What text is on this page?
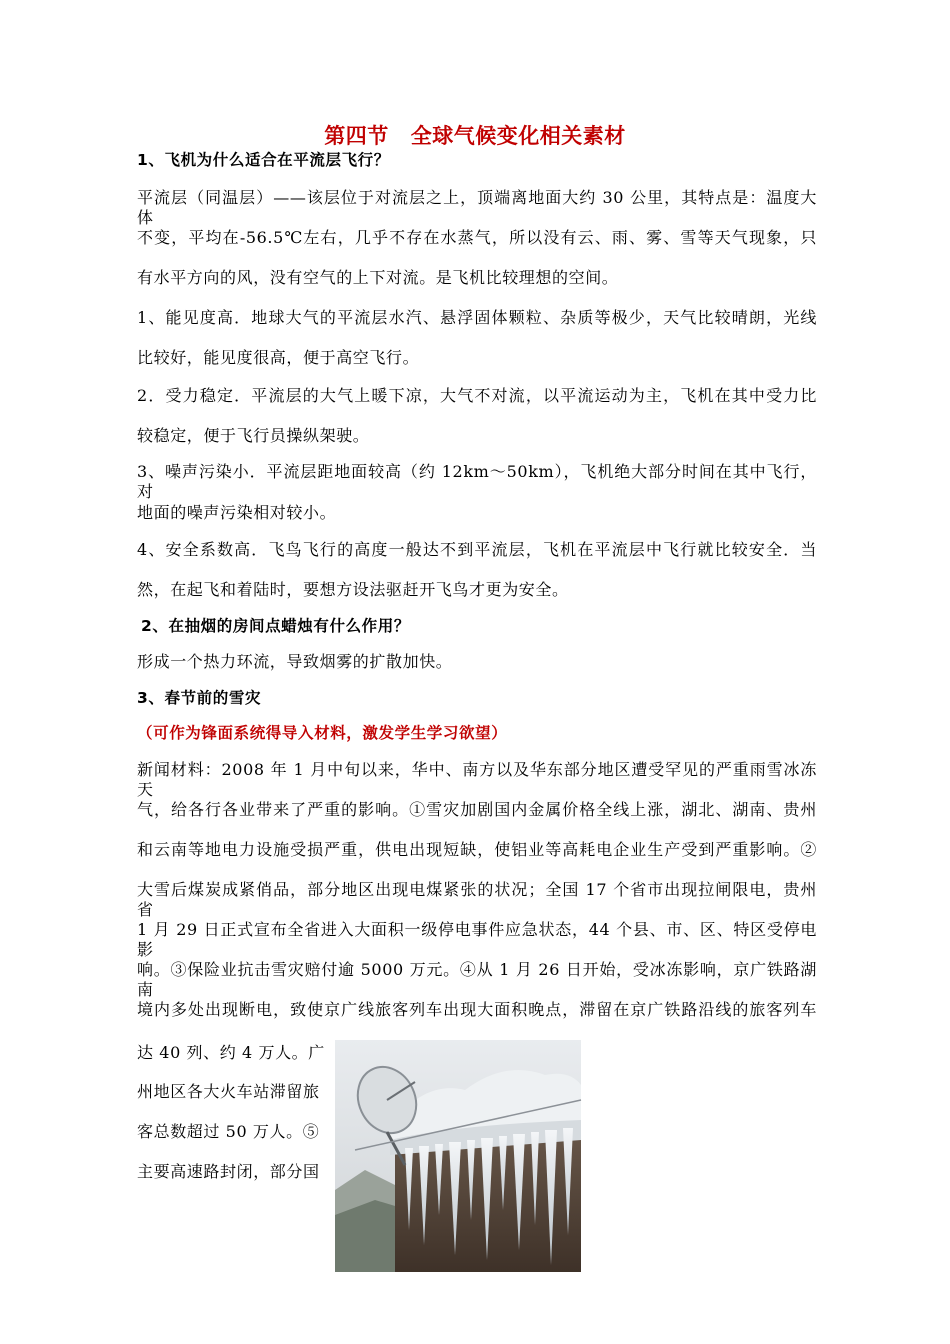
第四节 全球气候变化相关素材
1、飞机为什么适合在平流层飞行？
平流层（同温层）——该层位于对流层之上，顶端离地面大约 30 公里，其特点是：温度大体
不变，平均在-56.5℃左右，几乎不存在水蒸气，所以没有云、雨、雾、雪等天气现象，只
有水平方向的风，没有空气的上下对流。是飞机比较理想的空间。
1、能见度高．地球大气的平流层水汽、悬浮固体颗粒、杂质等极少，天气比较晴朗，光线
比较好，能见度很高，便于高空飞行。
2．受力稳定．平流层的大气上暖下凉，大气不对流，以平流运动为主，飞机在其中受力比
较稳定，便于飞行员操纵架驶。
3、噪声污染小．平流层距地面较高（约 12km～50km），飞机绝大部分时间在其中飞行，对
地面的噪声污染相对较小。
4、安全系数高．飞鸟飞行的高度一般达不到平流层，飞机在平流层中飞行就比较安全．当
然，在起飞和着陆时，要想方设法驱赶开飞鸟才更为安全。
2、在抽烟的房间点蜡烛有什么作用？
形成一个热力环流，导致烟雾的扩散加快。
3、春节前的雪灾
（可作为锋面系统得导入材料，激发学生学习欲望）
新闻材料：2008 年 1 月中旬以来，华中、南方以及华东部分地区遭受罕见的严重雨雪冰冻天
气，给各行各业带来了严重的影响。①雪灾加剧国内金属价格全线上涨，湖北、湖南、贵州
和云南等地电力设施受损严重，供电出现短缺，使铝业等高耗电企业生产受到严重影响。②
大雪后煤炭成紧俏品，部分地区出现电煤紧张的状况；全国 17 个省市出现拉闸限电，贵州省
1 月 29 日正式宣布全省进入大面积一级停电事件应急状态，44 个县、市、区、特区受停电影
响。③保险业抗击雪灾赔付逾 5000 万元。④从 1 月 26 日开始，受冰冻影响，京广铁路湖南
境内多处出现断电，致使京广线旅客列车出现大面积晚点，滞留在京广铁路沿线的旅客列车
达 40 列、约 4 万人。广
州地区各大火车站滞留旅
客总数超过 50 万人。⑤
主要高速路封闭，部分国
